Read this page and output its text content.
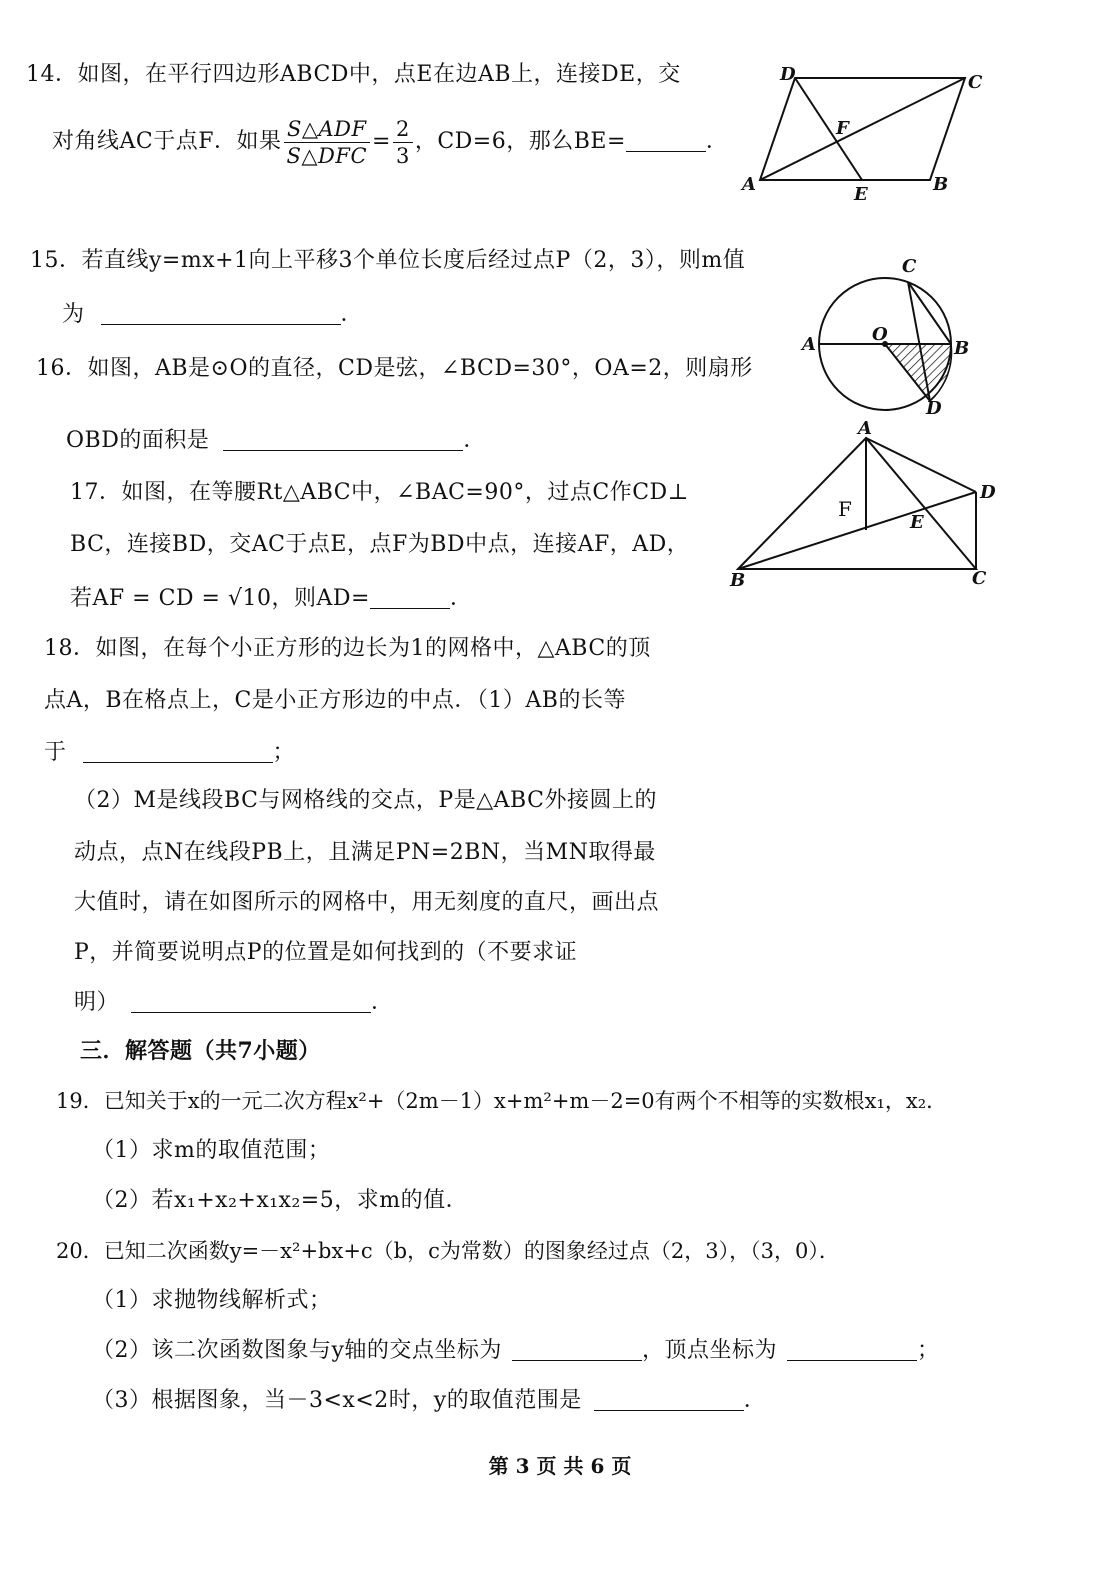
14．如图，在平行四边形ABCD中，点E在边AB上，连接DE，交
对角线AC于点F．如果 $\frac{\text{S△ADF}}{\text{S△DFC}} = \frac{2}{3}$ ，CD=6，那么BE=	．
A	B
C
D
E
F
15．若直线y=mx+1向上平移3个单位长度后经过点P（2，3），则m值
为	．
A	B
C
D
O
16．如图，AB是⊙O的直径，CD是弦，∠BCD=30°，OA=2，则扇形
OBD的面积是	．	A
B	C
D
E
F
17．如图，在等腰Rt△ABC中，∠BAC=90°，过点C作CD⊥
BC，连接BD，交AC于点E，点F为BD中点，连接AF，AD，
若AF = CD = √10，则AD=	．
18．如图，在每个小正方形的边长为1的网格中，△ABC的顶
点A，B在格点上，C是小正方形边的中点．（1）AB的长等
于	；
（2）M是线段BC与网格线的交点，P是△ABC外接圆上的
动点，点N在线段PB上，且满足PN=2BN，当MN取得最
大值时，请在如图所示的网格中，用无刻度的直尺，画出点
P，并简要说明点P的位置是如何找到的（不要求证
明）	．
三．解答题（共7小题）
19．已知关于x的一元二次方程x²+（2m－1）x+m²+m－2=0有两个不相等的实数根x₁，x₂．
（1）求m的取值范围；
（2）若x₁+x₂+x₁x₂=5，求m的值．
20．已知二次函数y=－x²+bx+c（b，c为常数）的图象经过点（2，3），（3，0）．
（1）求抛物线解析式；
（2）该二次函数图象与y轴的交点坐标为	，顶点坐标为	；
（3）根据图象，当－3<x<2时，y的取值范围是	．
第 3 页 共 6 页
